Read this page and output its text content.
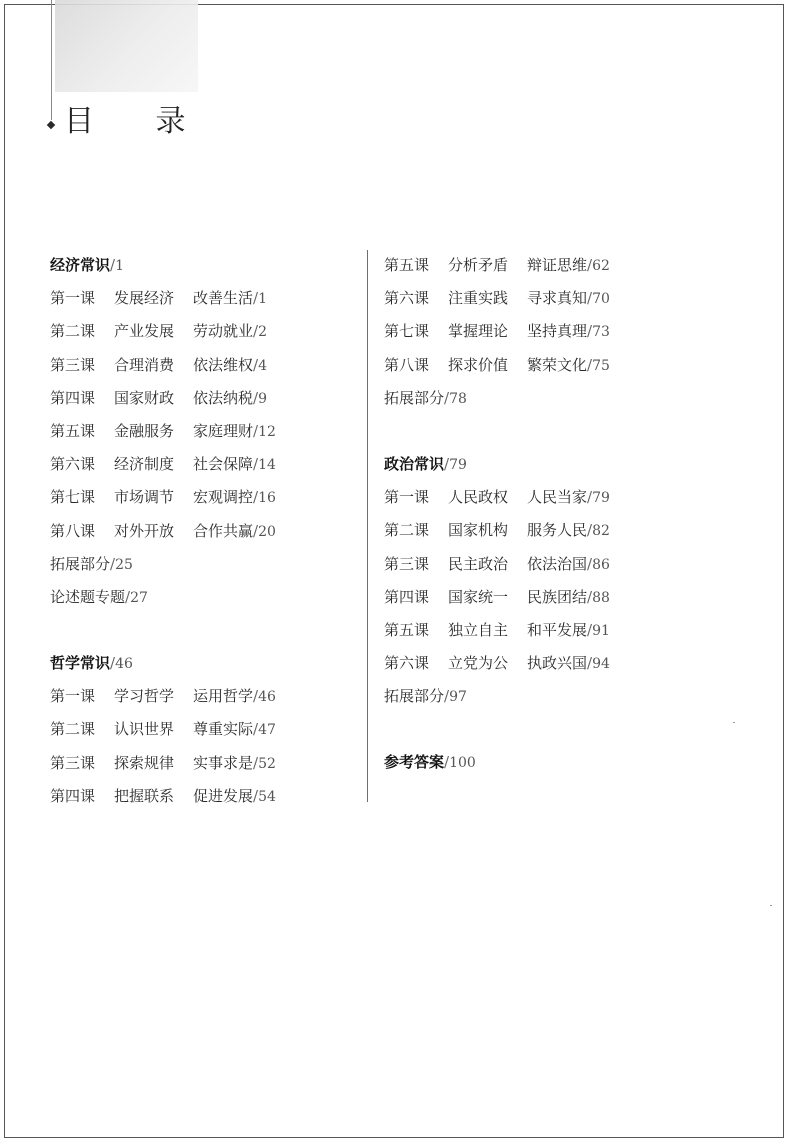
目 录
经济常识/1
第一课 发展经济 改善生活/1
第二课 产业发展 劳动就业/2
第三课 合理消费 依法维权/4
第四课 国家财政 依法纳税/9
第五课 金融服务 家庭理财/12
第六课 经济制度 社会保障/14
第七课 市场调节 宏观调控/16
第八课 对外开放 合作共赢/20
拓展部分/25
论述题专题/27
哲学常识/46
第一课 学习哲学 运用哲学/46
第二课 认识世界 尊重实际/47
第三课 探索规律 实事求是/52
第四课 把握联系 促进发展/54
第五课 分析矛盾 辩证思维/62
第六课 注重实践 寻求真知/70
第七课 掌握理论 坚持真理/73
第八课 探求价值 繁荣文化/75
拓展部分/78
政治常识/79
第一课 人民政权 人民当家/79
第二课 国家机构 服务人民/82
第三课 民主政治 依法治国/86
第四课 国家统一 民族团结/88
第五课 独立自主 和平发展/91
第六课 立党为公 执政兴国/94
拓展部分/97
参考答案/100
